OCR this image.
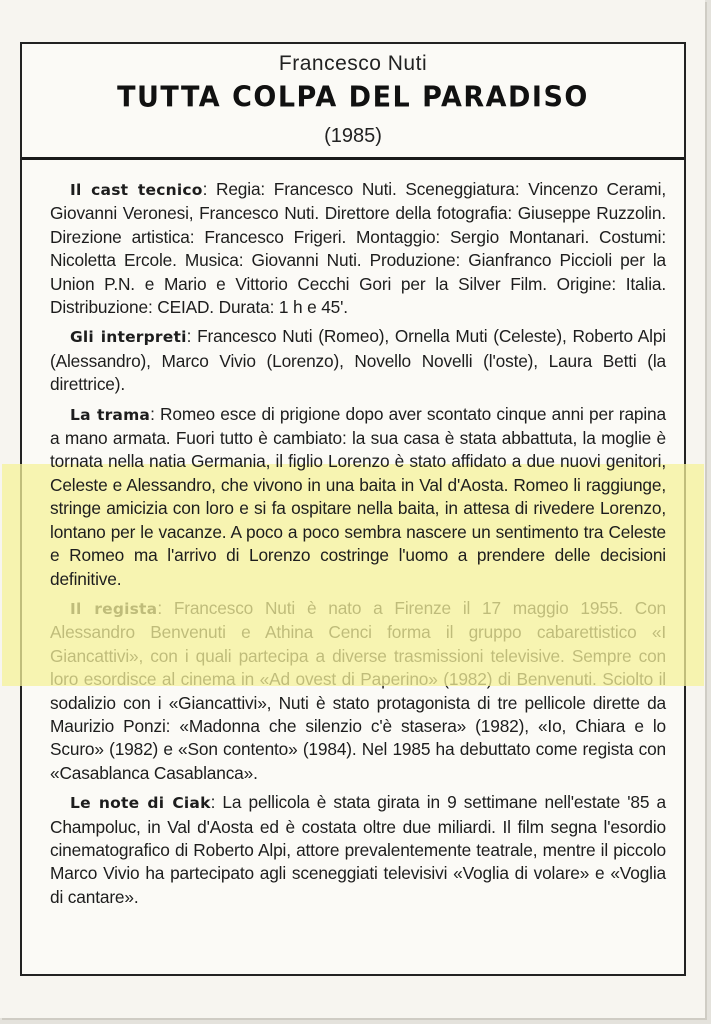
Francesco Nuti

TUTTA COLPA DEL PARADISO

(1985)

Il cast tecnico: Regia: Francesco Nuti. Sceneggiatura: Vincenzo Cerami, Giovanni Veronesi, Francesco Nuti. Direttore della fotografia: Giuseppe Ruzzolin. Direzione artistica: Francesco Frigeri. Montaggio: Sergio Montanari. Costumi: Nicoletta Ercole. Musica: Giovanni Nuti. Produzione: Gianfranco Piccioli per la Union P.N. e Mario e Vittorio Cecchi Gori per la Silver Film. Origine: Italia. Distribuzione: CEIAD. Durata: 1 h e 45'.

Gli interpreti: Francesco Nuti (Romeo), Ornella Muti (Celeste), Roberto Alpi (Alessandro), Marco Vivio (Lorenzo), Novello Novelli (l'oste), Laura Betti (la direttrice).

La trama: Romeo esce di prigione dopo aver scontato cinque anni per rapina a mano armata. Fuori tutto è cambiato: la sua casa è stata abbattuta, la moglie è tornata nella natia Germania, il figlio Lorenzo è stato affidato a due nuovi genitori, Celeste e Alessandro, che vivono in una baita in Val d'Aosta. Romeo li raggiunge, stringe amicizia con loro e si fa ospitare nella baita, in attesa di rivedere Lorenzo, lontano per le vacanze. A poco a poco sembra nascere un sentimento tra Celeste e Romeo ma l'arrivo di Lorenzo costringe l'uomo a prendere delle decisioni definitive.

sodalizio con i «Giancattivi», Nuti è stato protagonista di tre pellicole dirette da Maurizio Ponzi: «Madonna che silenzio c'è stasera» (1982), «Io, Chiara e lo Scuro» (1982) e «Son contento» (1984). Nel 1985 ha debuttato come regista con «Casablanca Casablanca».

Le note di Ciak: La pellicola è stata girata in 9 settimane nell'estate '85 a Champoluc, in Val d'Aosta ed è costata oltre due miliardi. Il film segna l'esordio cinematografico di Roberto Alpi, attore prevalentemente teatrale, mentre il piccolo Marco Vivio ha partecipato agli sceneggiati televisivi «Voglia di volare» e «Voglia di cantare».
